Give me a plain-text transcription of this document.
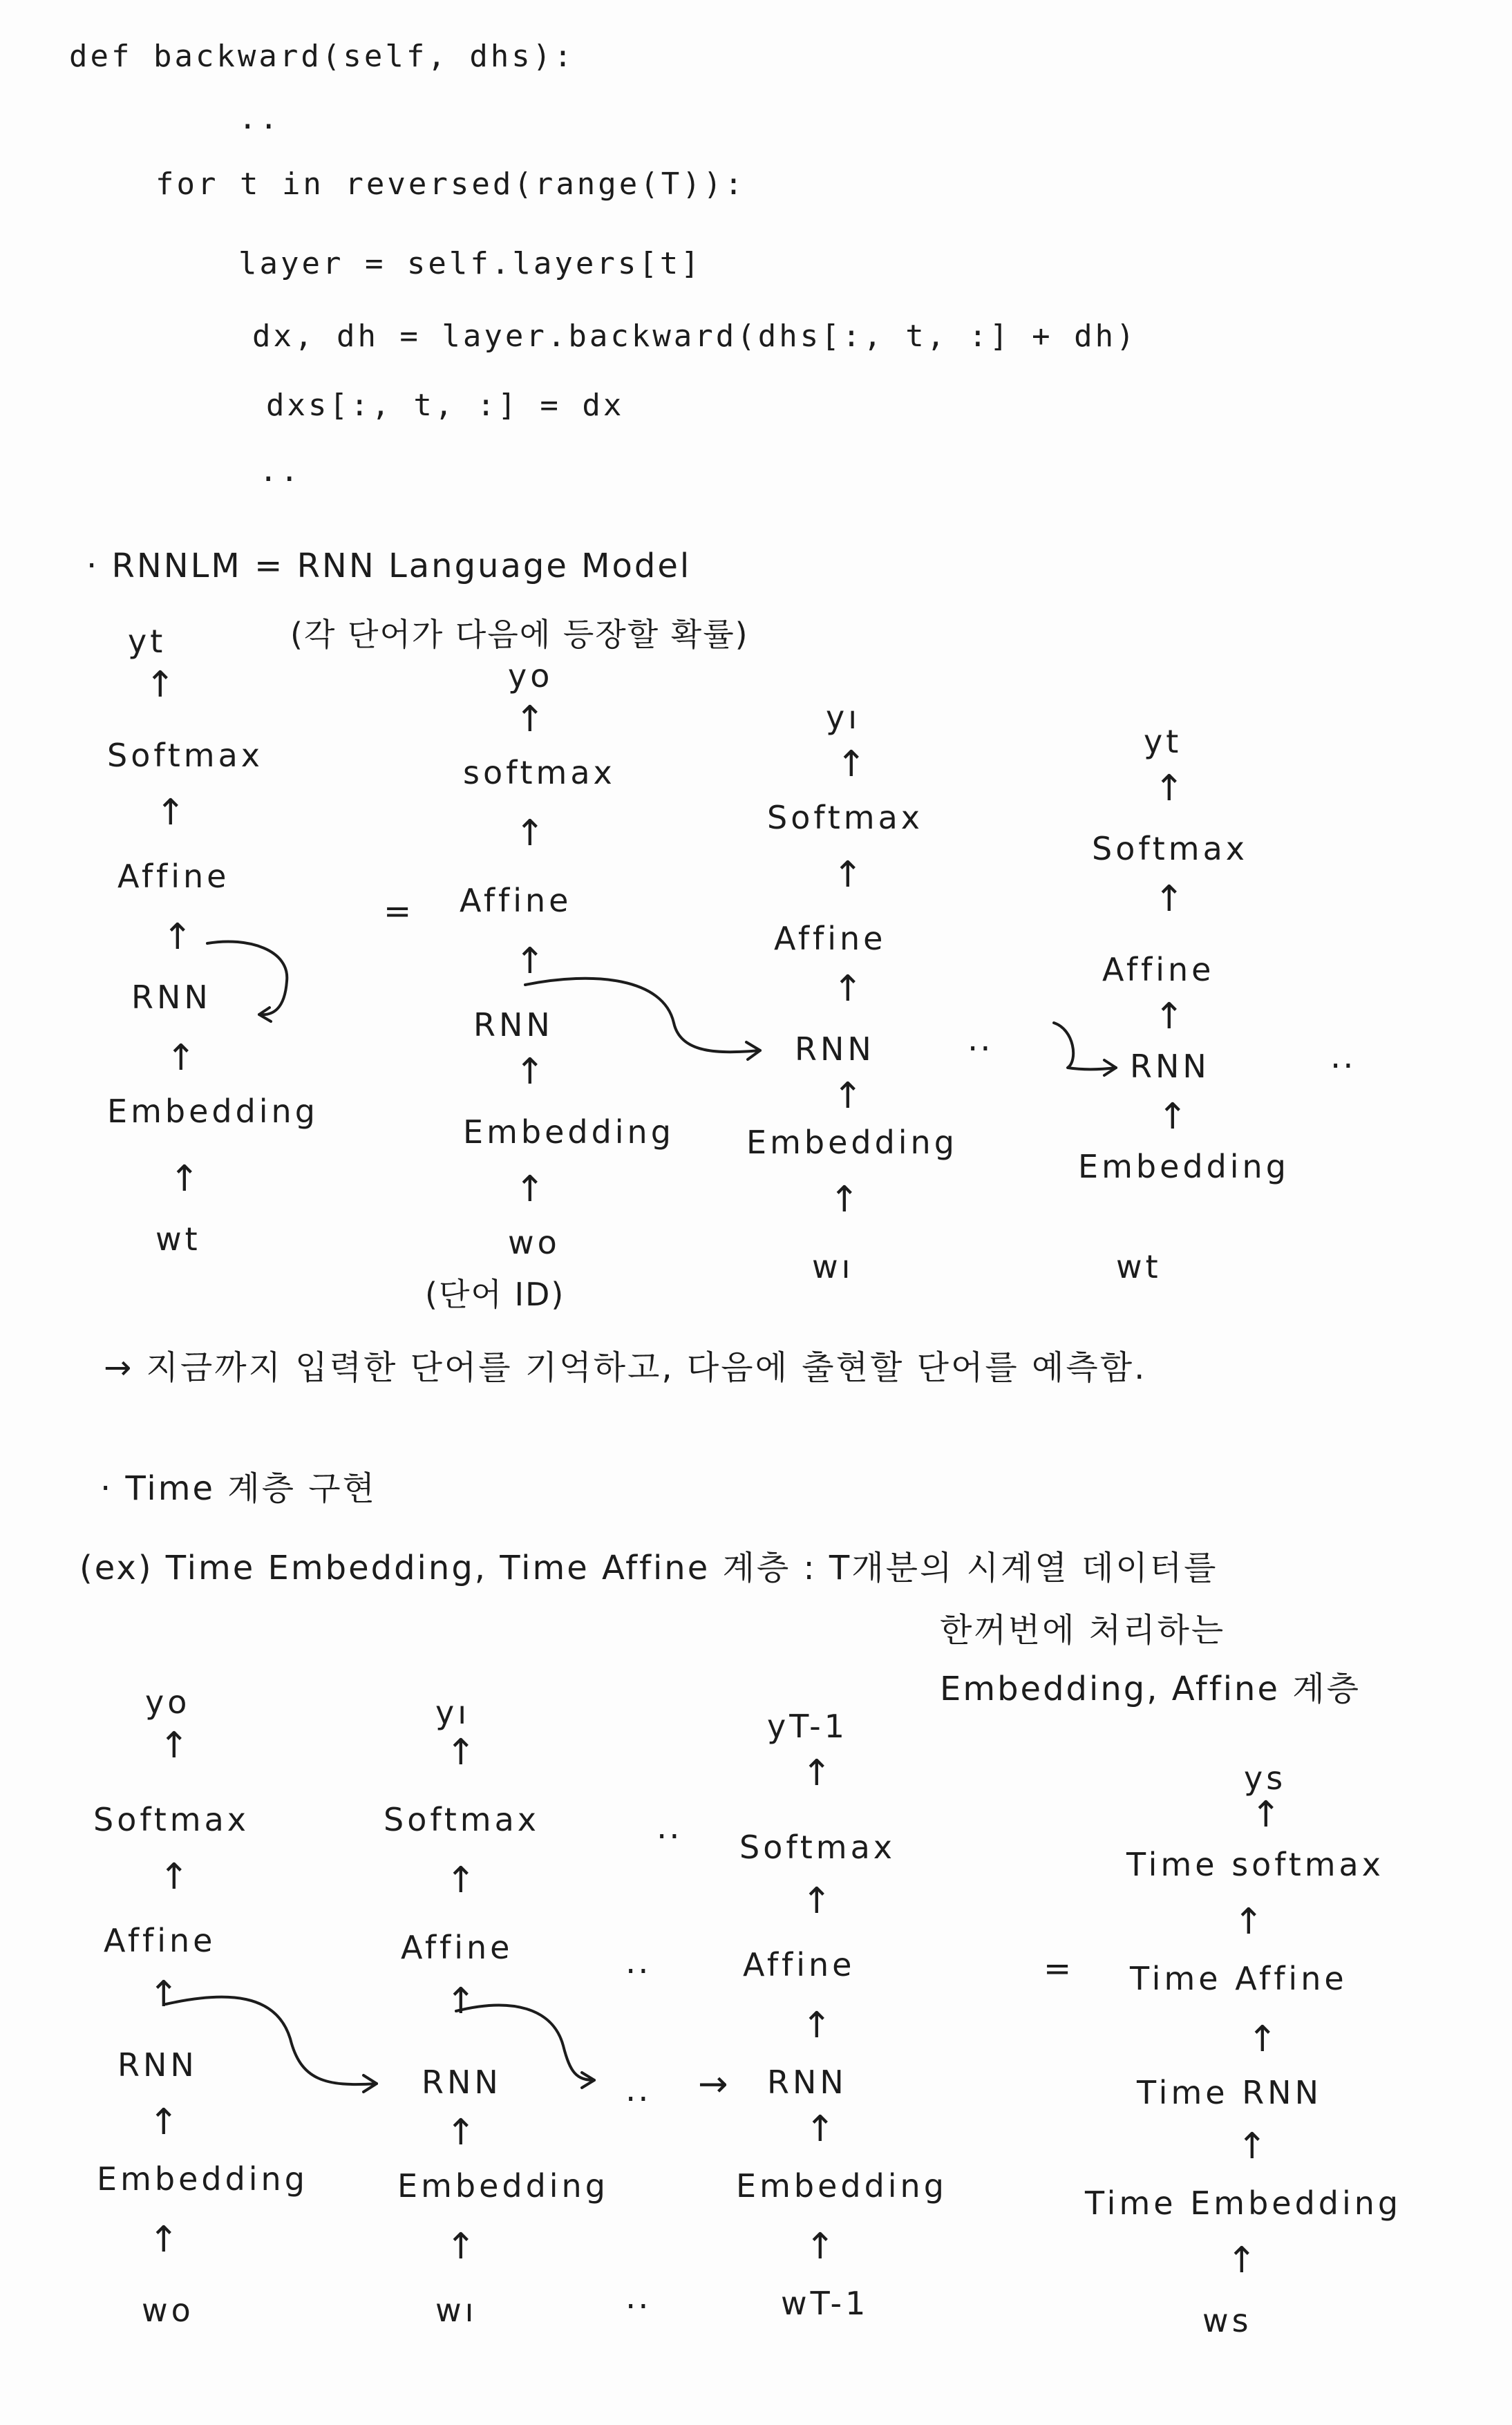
def backward(self, dhs):
..
for t in reversed(range(T)):
layer = self.layers[t]
dx, dh = layer.backward(dhs[:, t, :] + dh)
dxs[:, t, :] = dx
..
· RNNLM = RNN Language Model
(각 단어가 다음에 등장할 확률)
yt
↑
Softmax
↑
Affine
↑
RNN
↑
Embedding
↑
wt
=
yo
↑
softmax
↑
Affine
↑
RNN
↑
Embedding
↑
wo
(단어 ID)
yı
↑
Softmax
↑
Affine
↑
RNN
↑
Embedding
↑
wı
..
yt
↑
Softmax
↑
Affine
↑
RNN
↑
Embedding
wt
..
→ 지금까지 입력한 단어를 기억하고, 다음에 출현할 단어를 예측함.
· Time 계층 구현
(ex) Time Embedding, Time Affine 계층 : T개분의 시계열 데이터를
한꺼번에 처리하는
Embedding, Affine 계층
yo
↑
Softmax
↑
Affine
↑
RNN
↑
Embedding
↑
wo
yı
↑
Softmax
↑
Affine
↑
RNN
↑
Embedding
↑
wı
..
..
.. →
..
yT-1
↑
Softmax
↑
Affine
↑
RNN
↑
Embedding
↑
wT-1
=
ys
↑
Time softmax
↑
Time Affine
↑
Time RNN
↑
Time Embedding
↑
ws
